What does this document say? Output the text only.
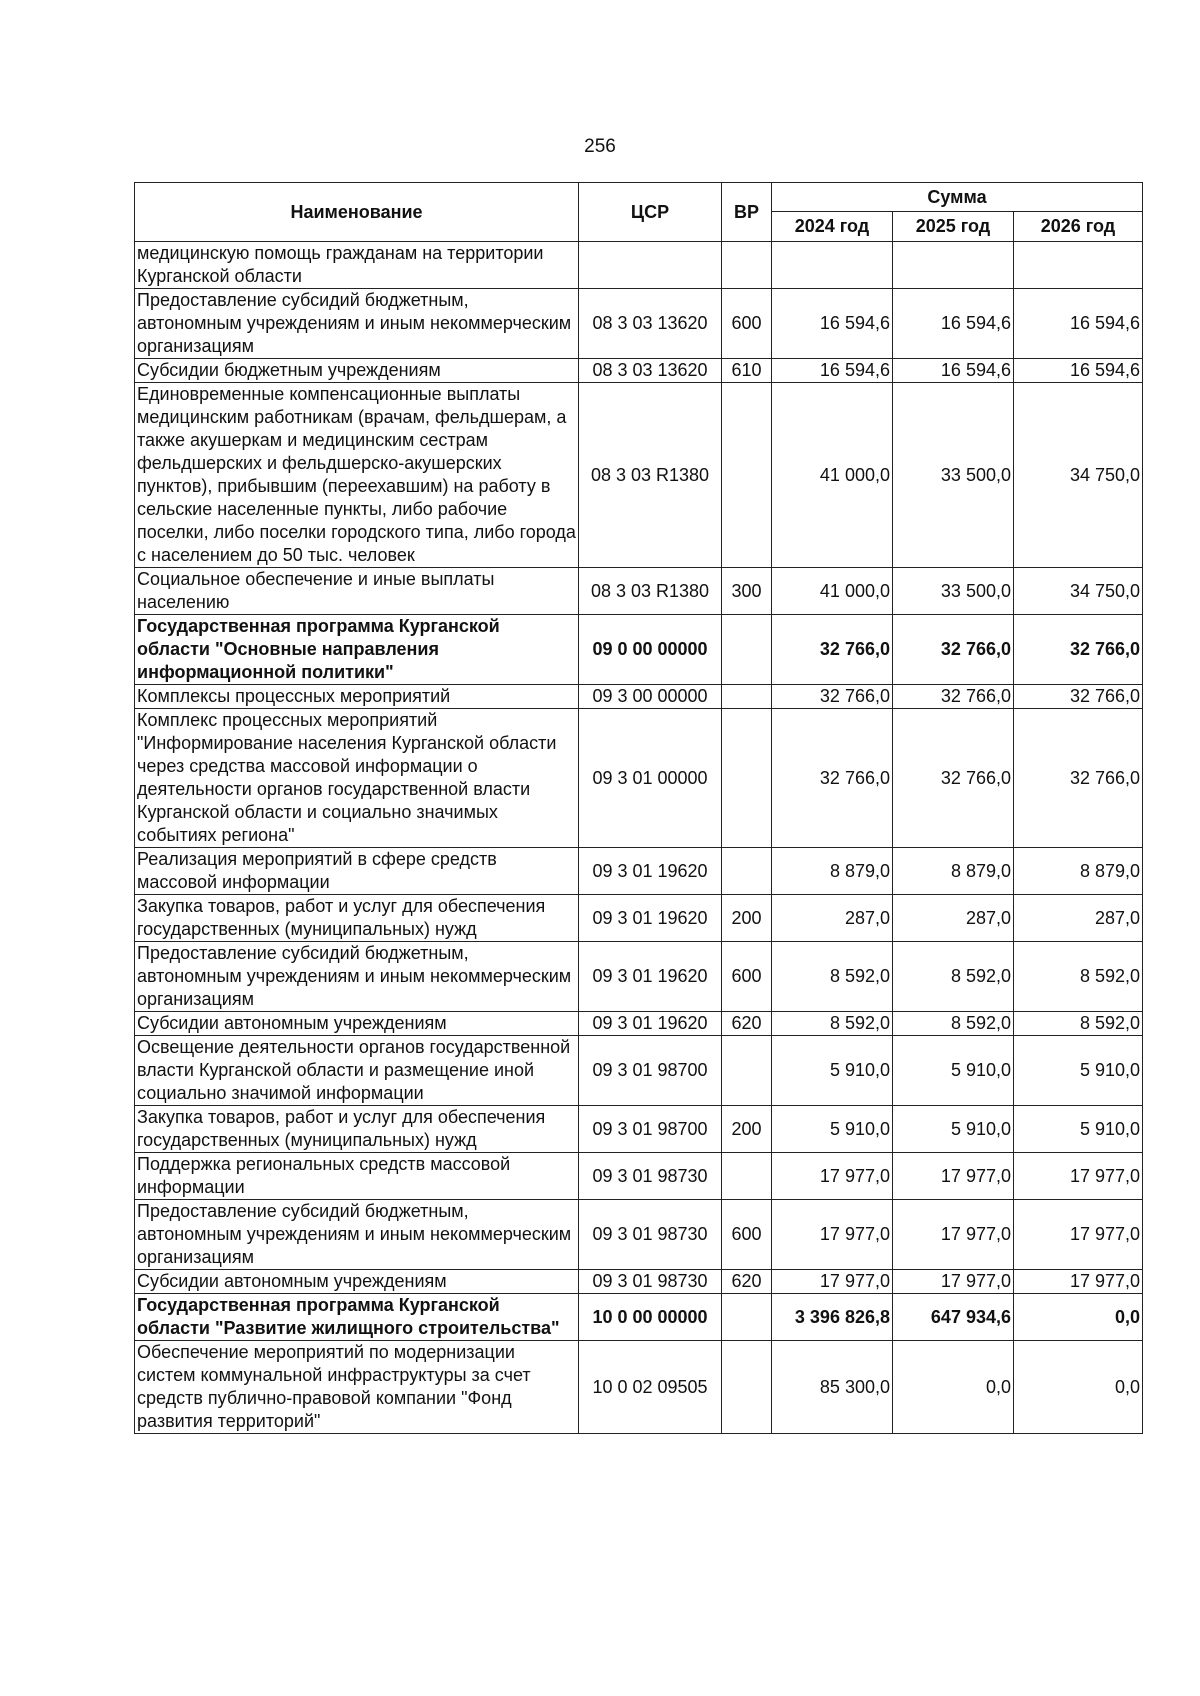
256
Наименование	ЦСР	ВР	Сумма		
			2024 год	2025 год	2026 год
медицинскую помощь гражданам на территории Курганской области					
Предоставление субсидий бюджетным, автономным учреждениям и иным некоммерческим организациям	08 3 03 13620	600	16 594,6	16 594,6	16 594,6
Субсидии бюджетным учреждениям	08 3 03 13620	610	16 594,6	16 594,6	16 594,6
Единовременные компенсационные выплаты медицинским работникам (врачам, фельдшерам, а также акушеркам и медицинским сестрам фельдшерских и фельдшерско-акушерских пунктов), прибывшим (переехавшим) на работу в сельские населенные пункты, либо рабочие поселки, либо поселки городского типа, либо города с населением до 50 тыс. человек	08 3 03 R1380		41 000,0	33 500,0	34 750,0
Социальное обеспечение и иные выплаты населению	08 3 03 R1380	300	41 000,0	33 500,0	34 750,0
Государственная программа Курганской области "Основные направления информационной политики"	09 0 00 00000		32 766,0	32 766,0	32 766,0
Комплексы процессных мероприятий	09 3 00 00000		32 766,0	32 766,0	32 766,0
Комплекс процессных мероприятий "Информирование населения Курганской области через средства массовой информации о деятельности органов государственной власти Курганской области и социально значимых событиях региона"	09 3 01 00000		32 766,0	32 766,0	32 766,0
Реализация мероприятий в сфере средств массовой информации	09 3 01 19620		8 879,0	8 879,0	8 879,0
Закупка товаров, работ и услуг для обеспечения государственных (муниципальных) нужд	09 3 01 19620	200	287,0	287,0	287,0
Предоставление субсидий бюджетным, автономным учреждениям и иным некоммерческим организациям	09 3 01 19620	600	8 592,0	8 592,0	8 592,0
Субсидии автономным учреждениям	09 3 01 19620	620	8 592,0	8 592,0	8 592,0
Освещение деятельности органов государственной власти Курганской области и размещение иной социально значимой информации	09 3 01 98700		5 910,0	5 910,0	5 910,0
Закупка товаров, работ и услуг для обеспечения государственных (муниципальных) нужд	09 3 01 98700	200	5 910,0	5 910,0	5 910,0
Поддержка региональных средств массовой информации	09 3 01 98730		17 977,0	17 977,0	17 977,0
Предоставление субсидий бюджетным, автономным учреждениям и иным некоммерческим организациям	09 3 01 98730	600	17 977,0	17 977,0	17 977,0
Субсидии автономным учреждениям	09 3 01 98730	620	17 977,0	17 977,0	17 977,0
Государственная программа Курганской области "Развитие жилищного строительства"	10 0 00 00000		3 396 826,8	647 934,6	0,0
Обеспечение мероприятий по модернизации систем коммунальной инфраструктуры за счет средств публично-правовой компании "Фонд развития территорий"	10 0 02 09505		85 300,0	0,0	0,0
